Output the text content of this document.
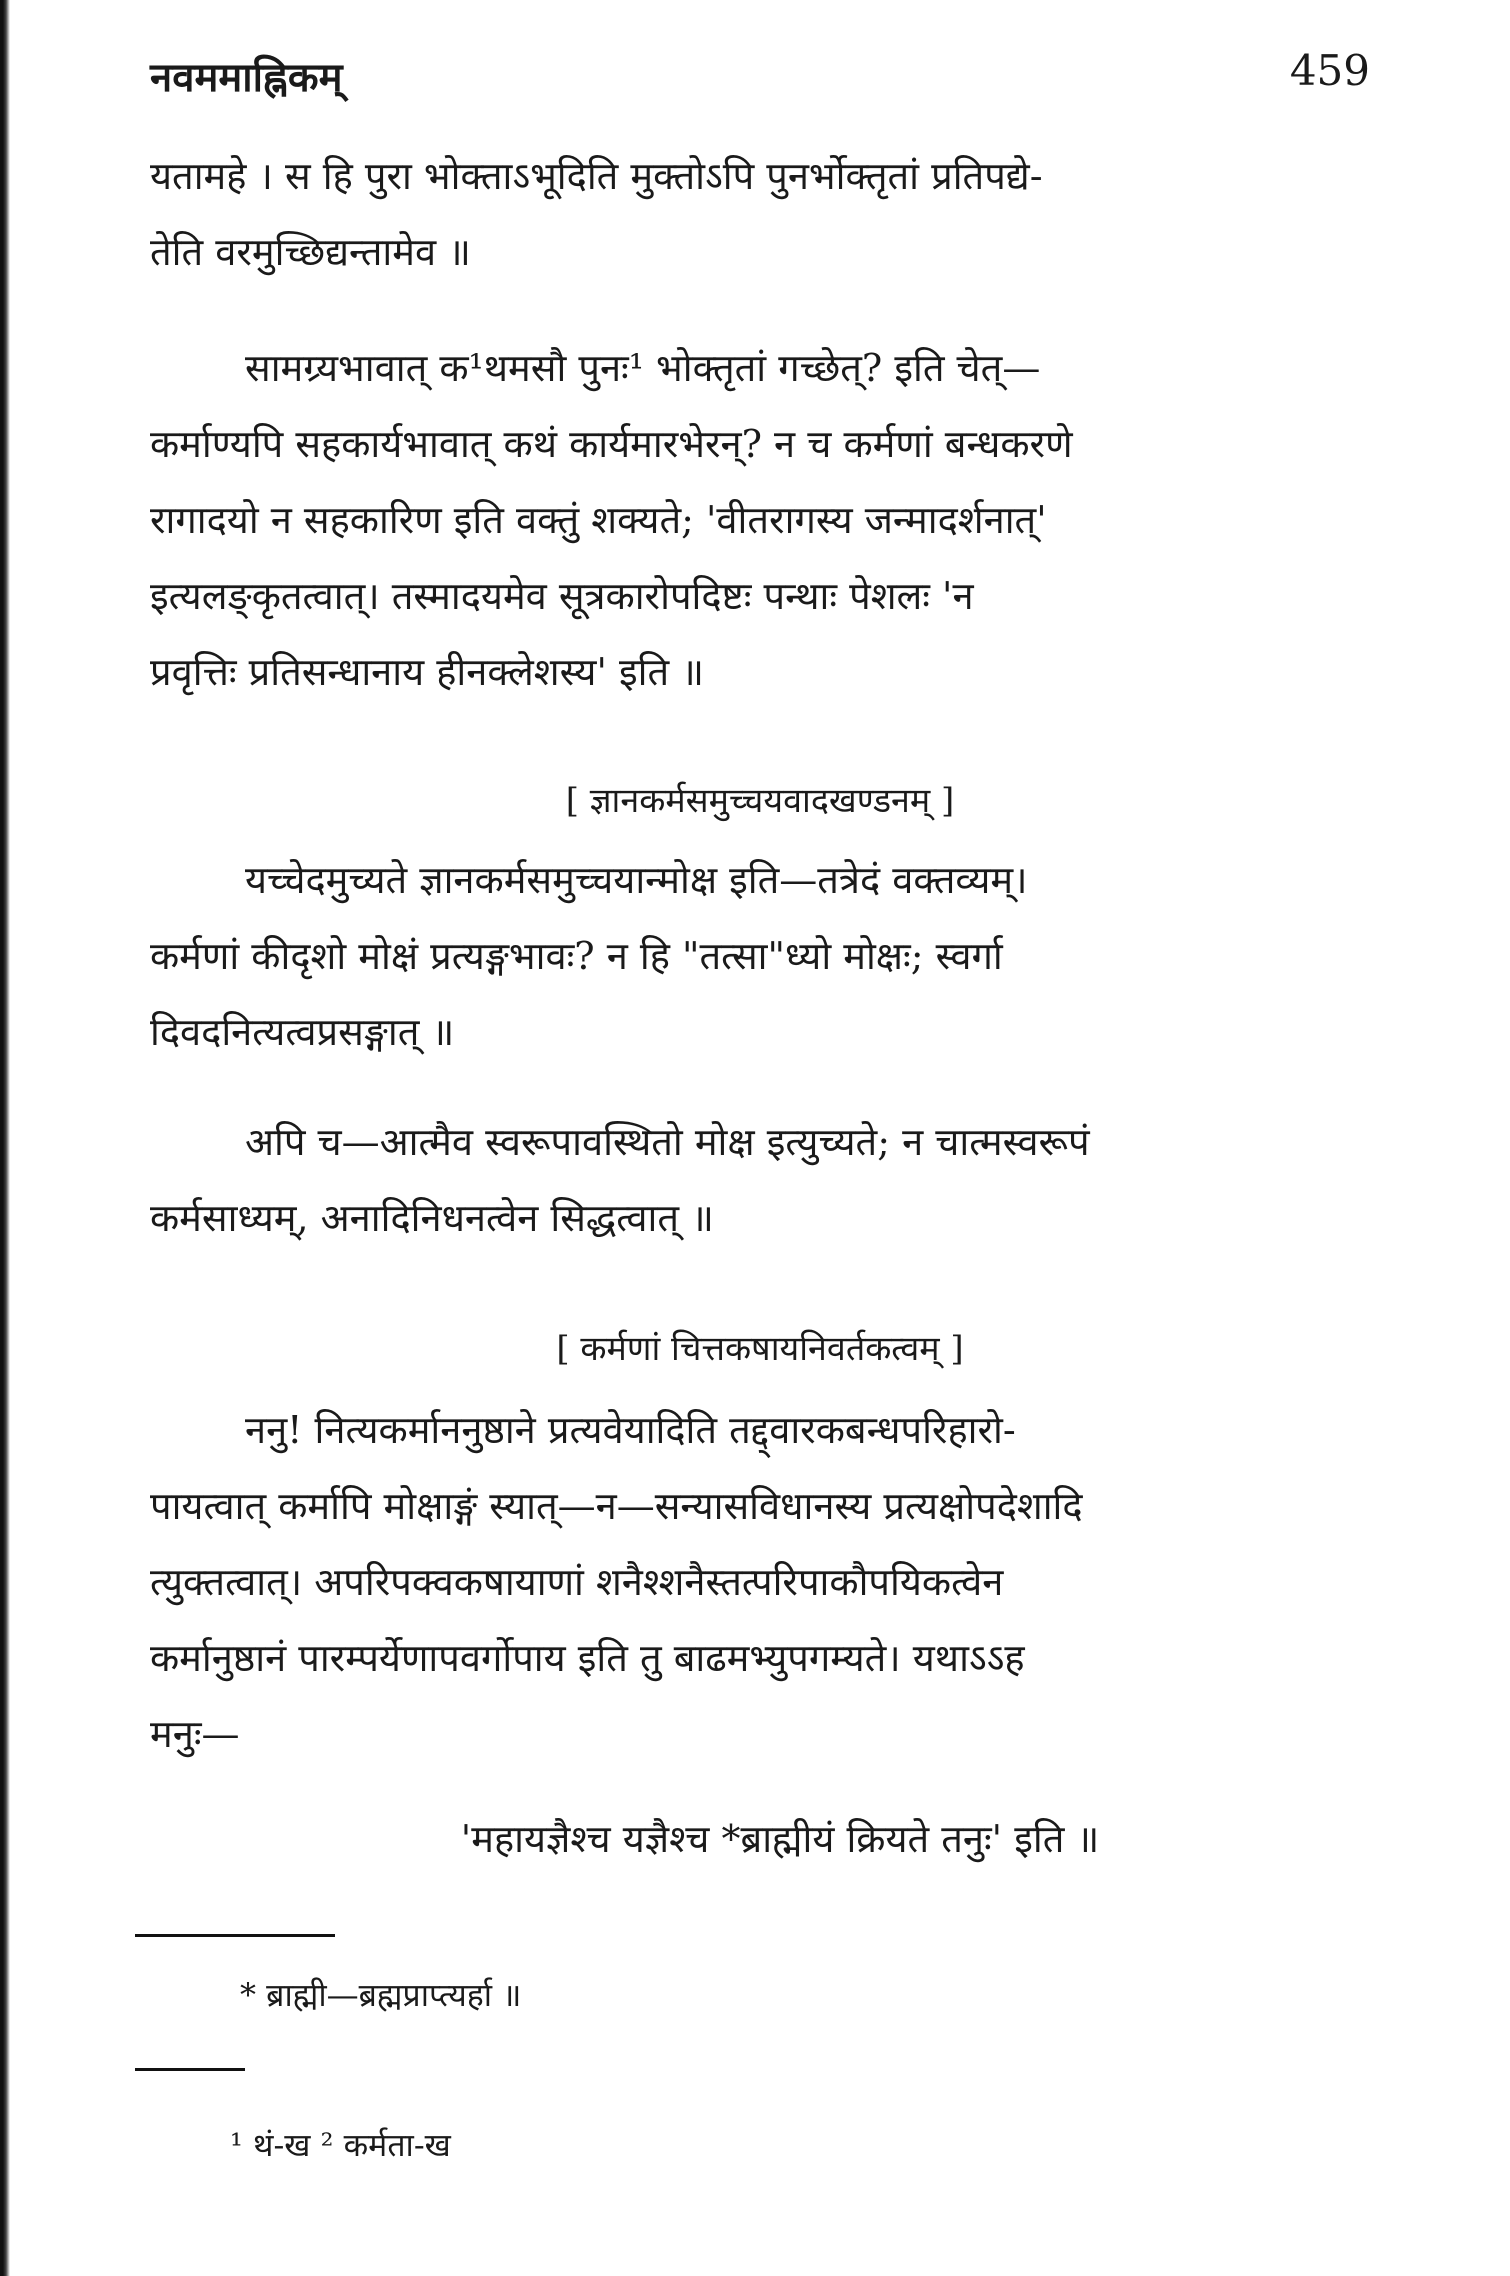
नवममाह्निकम्	459

यतामहे । स हि पुरा भोक्ताऽभूदिति मुक्तोऽपि पुनर्भोक्तृतां प्रतिपद्ये-
तेति वरमुच्छिद्यन्तामेव ॥

सामग्र्यभावात् क¹थमसौ पुनः¹ भोक्तृतां गच्छेत्? इति चेत्—
कर्माण्यपि सहकार्यभावात् कथं कार्यमारभेरन्? न च कर्मणां बन्धकरणे
रागादयो न सहकारिण इति वक्तुं शक्यते; 'वीतरागस्य जन्मादर्शनात्'
इत्यलङ्कृतत्वात्। तस्मादयमेव सूत्रकारोपदिष्टः पन्थाः पेशलः 'न
प्रवृत्तिः प्रतिसन्धानाय हीनक्लेशस्य' इति ॥

[ ज्ञानकर्मसमुच्चयवादखण्डनम् ]

यच्चेदमुच्यते ज्ञानकर्मसमुच्चयान्मोक्ष इति—तत्रेदं वक्तव्यम्।
कर्मणां कीदृशो मोक्षं प्रत्यङ्गभावः? न हि "तत्सा"ध्यो मोक्षः; स्वर्गा
दिवदनित्यत्वप्रसङ्गात् ॥

अपि च—आत्मैव स्वरूपावस्थितो मोक्ष इत्युच्यते; न चात्मस्वरूपं
कर्मसाध्यम्, अनादिनिधनत्वेन सिद्धत्वात् ॥

[ कर्मणां चित्तकषायनिवर्तकत्वम् ]

ननु! नित्यकर्माननुष्ठाने प्रत्यवेयादिति तद्द्वारकबन्धपरिहारो-
पायत्वात् कर्मापि मोक्षाङ्गं स्यात्—न—सन्यासविधानस्य प्रत्यक्षोपदेशादि
त्युक्तत्वात्। अपरिपक्वकषायाणां शनैश्शनैस्तत्परिपाकौपयिकत्वेन
कर्मानुष्ठानं पारम्पर्येणापवर्गोपाय इति तु बाढमभ्युपगम्यते। यथाऽऽह
मनुः—

'महायज्ञैश्च यज्ञैश्च *ब्राह्मीयं क्रियते तनुः' इति ॥

* ब्राह्मी—ब्रह्मप्राप्त्यर्हा ॥

¹ थं-ख ² कर्मता-ख
